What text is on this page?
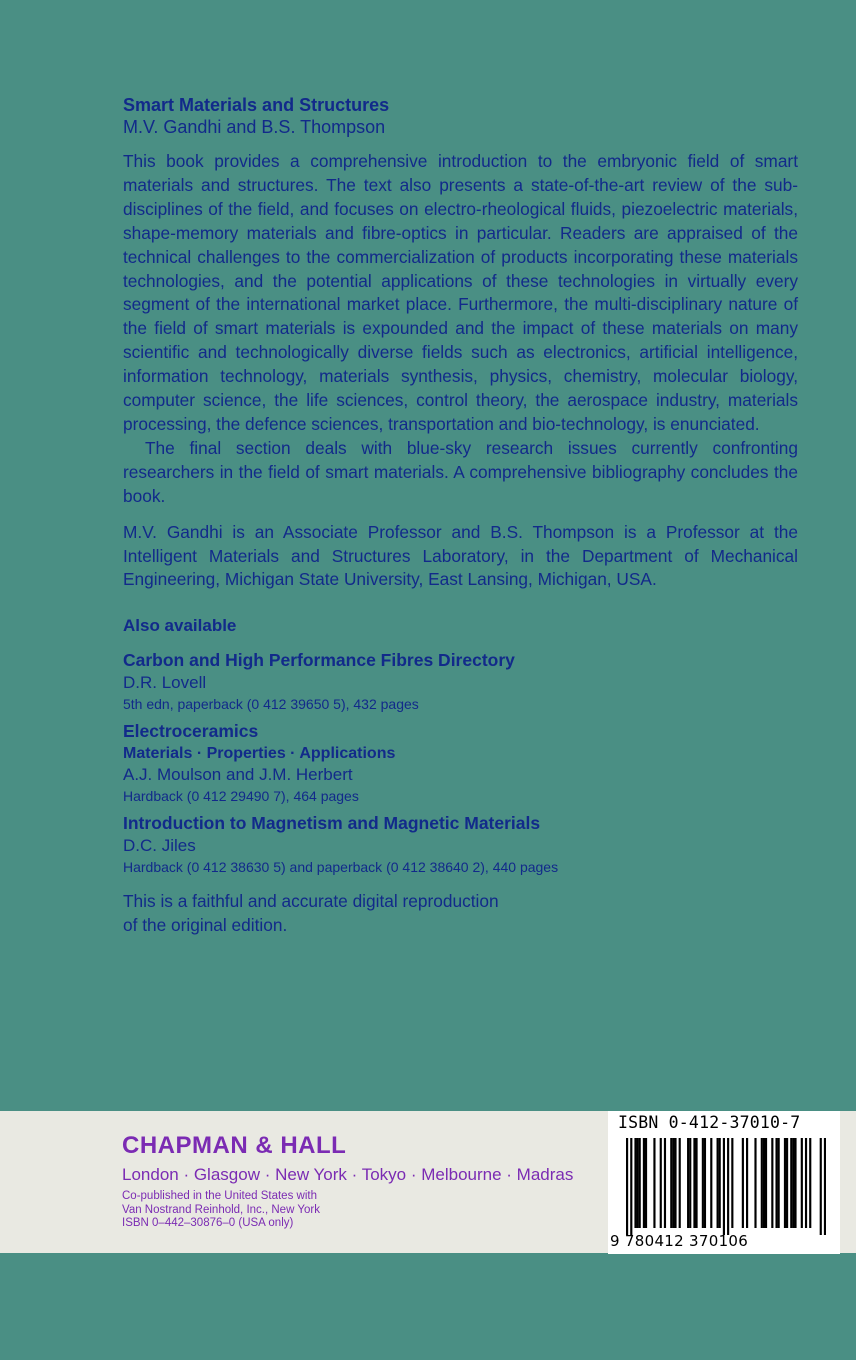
Smart Materials and Structures

M.V. Gandhi and B.S. Thompson

This book provides a comprehensive introduction to the embryonic field of smart materials and structures. The text also presents a state-of-the-art review of the sub-disciplines of the field, and focuses on electro-rheological fluids, piezoelectric materials, shape-memory materials and fibre-optics in particular. Readers are appraised of the technical challenges to the commercialization of products incorporating these materials technologies, and the potential applications of these technologies in virtually every segment of the international market place. Furthermore, the multi-disciplinary nature of the field of smart materials is expounded and the impact of these materials on many scientific and technologically diverse fields such as electronics, artificial intelligence, information technology, materials synthesis, physics, chemistry, molecular biology, computer science, the life sciences, control theory, the aerospace industry, materials processing, the defence sciences, transportation and bio-technology, is enunciated.

The final section deals with blue-sky research issues currently confronting researchers in the field of smart materials. A comprehensive bibliography concludes the book.

M.V. Gandhi is an Associate Professor and B.S. Thompson is a Professor at the Intelligent Materials and Structures Laboratory, in the Department of Mechanical Engineering, Michigan State University, East Lansing, Michigan, USA.

Also available
Carbon and High Performance Fibres Directory
D.R. Lovell
5th edn, paperback (0 412 39650 5), 432 pages
Electroceramics
Materials · Properties · Applications
A.J. Moulson and J.M. Herbert
Hardback (0 412 29490 7), 464 pages
Introduction to Magnetism and Magnetic Materials
D.C. Jiles
Hardback (0 412 38630 5) and paperback (0 412 38640 2), 440 pages
This is a faithful and accurate digital reproduction
of the original edition.
CHAPMAN & HALL
London · Glasgow · New York · Tokyo · Melbourne · Madras
Co-published in the United States with
Van Nostrand Reinhold, Inc., New York
ISBN 0–442–30876–0 (USA only)
ISBN 0-412-37010-7
9 780412 370106
